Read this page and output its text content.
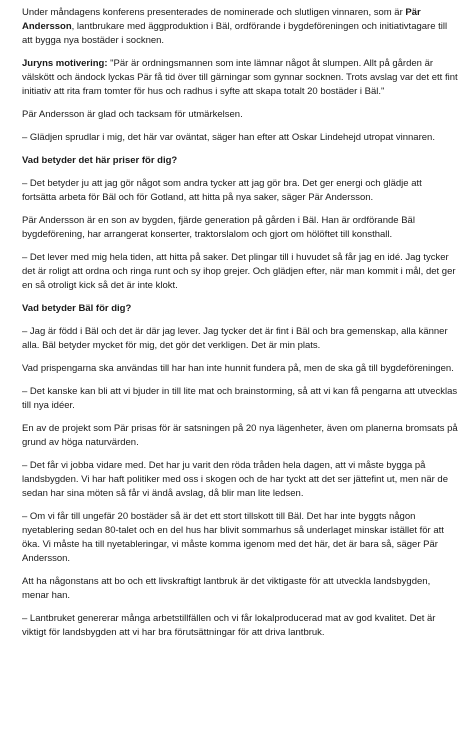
Under måndagens konferens presenterades de nominerade och slutligen vinnaren, som är Pär Andersson, lantbrukare med äggproduktion i Bäl, ordförande i bygdeföreningen och initiativtagare till att bygga nya bostäder i socknen.

Juryns motivering: "Pär är ordningsmannen som inte lämnar något åt slumpen. Allt på gården är välskött och ändock lyckas Pär få tid över till gärningar som gynnar socknen. Trots avslag var det ett fint initiativ att rita fram tomter för hus och radhus i syfte att skapa totalt 20 bostäder i Bäl."

Pär Andersson är glad och tacksam för utmärkelsen.

– Glädjen sprudlar i mig, det här var oväntat, säger han efter att Oskar Lindehejd utropat vinnaren.

Vad betyder det här priser för dig?

– Det betyder ju att jag gör något som andra tycker att jag gör bra. Det ger energi och glädje att fortsätta arbeta för Bäl och för Gotland, att hitta på nya saker, säger Pär Andersson.

Pär Andersson är en son av bygden, fjärde generation på gården i Bäl. Han är ordförande Bäl bygdeförening, har arrangerat konserter, traktorslalom och gjort om hölöftet till konsthall.

– Det lever med mig hela tiden, att hitta på saker. Det plingar till i huvudet så får jag en idé. Jag tycker det är roligt att ordna och ringa runt och sy ihop grejer. Och glädjen efter, när man kommit i mål, det ger en så otroligt kick så det är inte klokt.

Vad betyder Bäl för dig?

– Jag är född i Bäl och det är där jag lever. Jag tycker det är fint i Bäl och bra gemenskap, alla känner alla. Bäl betyder mycket för mig, det gör det verkligen. Det är min plats.

Vad prispengarna ska användas till har han inte hunnit fundera på, men de ska gå till bygdeföreningen.

– Det kanske kan bli att vi bjuder in till lite mat och brainstorming, så att vi kan få pengarna att utvecklas till nya idéer.

En av de projekt som Pär prisas för är satsningen på 20 nya lägenheter, även om planerna bromsats på grund av höga naturvärden.

– Det får vi jobba vidare med. Det har ju varit den röda tråden hela dagen, att vi måste bygga på landsbygden. Vi har haft politiker med oss i skogen och de har tyckt att det ser jättefint ut, men när de sedan har sina möten så får vi ändå avslag, då blir man lite ledsen.

– Om vi får till ungefär 20 bostäder så är det ett stort tillskott till Bäl. Det har inte byggts någon nyetablering sedan 80-talet och en del hus har blivit sommarhus så underlaget minskar istället för att öka. Vi måste ha till nyetableringar, vi måste komma igenom med det här, det är bara så, säger Pär Andersson.

Att ha någonstans att bo och ett livskraftigt lantbruk är det viktigaste för att utveckla landsbygden, menar han.

– Lantbruket genererar många arbetstillfällen och vi får lokalproducerad mat av god kvalitet. Det är viktigt för landsbygden att vi har bra förutsättningar för att driva lantbruk.
